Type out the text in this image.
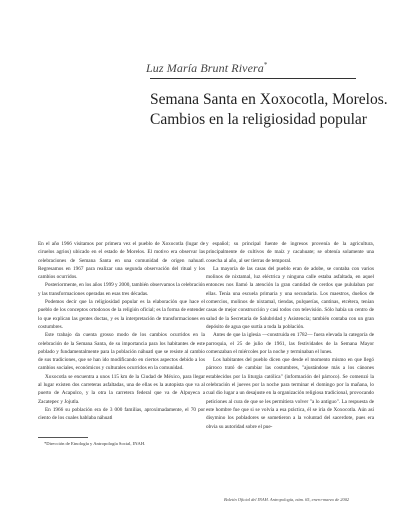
Luz María Brunt Rivera*
Semana Santa en Xoxocotla, Morelos.
Cambios en la religiosidad popular

En el año 1966 visitamos por primera vez el pueblo de Xoxocotla (lugar de ciruelos agrios) ubicado en el estado de Morelos. El motivo era observar las celebraciones de Semana Santa en una comunidad de origen nahuatl. Regresamos en 1967 para realizar una segunda observación del ritual y los cambios ocurridos.

Posteriormente, en los años 1999 y 2000, también observamos la celebración y las transformaciones operadas en esas tres décadas.

Podemos decir que la religiosidad popular es la elaboración que hace el pueblo de los conceptos ortodoxos de la religión oficial; es la forma de entender lo que explican las gentes doctas, y es la interpretación de transformaciones en costumbres.

Este trabajo da cuenta grosso modo de los cambios ocurridos en la celebración de la Semana Santa, de su importancia para los habitantes de este poblado y fundamentalmente para la población náhuatl que se resiste al cambio de sus tradiciones, que se han ido modificando en ciertos aspectos debido a los cambios sociales, económicos y culturales ocurridos en la comunidad.

Xoxocotla se encuentra a unos 115 km de la Ciudad de México, para llegar al lugar existen dos carreteras asfaltadas, una de ellas es la autopista que va al puerto de Acapulco, y la otra la carretera federal que va de Alpuyeca a Zacatepec y Jojutla.

En 1966 su población era de 3 000 familias, aproximadamente, el 70 por ciento de los cuales hablaba náhuatl

y español; su principal fuente de ingresos provenía de la agricultura, principalmente de cultivos de maíz y cacahuate; se obtenía solamente una cosecha al año, al ser tierras de temporal.

La mayoría de las casas del pueblo eran de adobe, se contaba con varios molinos de nixtamal, luz eléctrica y ninguna calle estaba asfaltada, en aquel entonces nos llamó la atención la gran cantidad de cerdos que pululaban por ellas. Tenía una escuela primaria y una secundaria. Los maestros, dueños de comercios, molinos de nixtamal, tiendas, pulquerías, cantinas, etcétera, tenían casas de mejor construcción y casi todos con televisión. Sólo había un centro de salud de la Secretaría de Salubridad y Asistencia; también contaba con un gran depósito de agua que surtía a toda la población.

Antes de que la iglesia —construida en 1782— fuera elevada la categoría de parroquia, el 25 de julio de 1961, las festividades de la Semana Mayor comenzaban el miércoles por la noche y terminaban el lunes.

Los habitantes del pueblo dicen que desde el momento mismo en que llegó párroco trató de cambiar las costumbres, "ajustándose más a los cánones establecidos por la liturgia católica" (información del párroco). Se comenzó la celebración el jueves por la noche para terminar el domingo por la mañana, lo cual dio lugar a un desajuste en la organización religiosa tradicional, provocando peticiones al cura de que se les permitiera volver "a lo antiguo". La respuesta de este hombre fue que si se volvía a esa práctica, él se iría de Xoxocotla. Aún así disymino los pobladores se sometieron a la voluntad del sacerdote, pues era obvia su autoridad sobre el pue-

*Dirección de Etnología y Antropología Social, INAH.
Boletín Oficial del INAH. Antropología, núm. 65, enero-marzo de 2002
